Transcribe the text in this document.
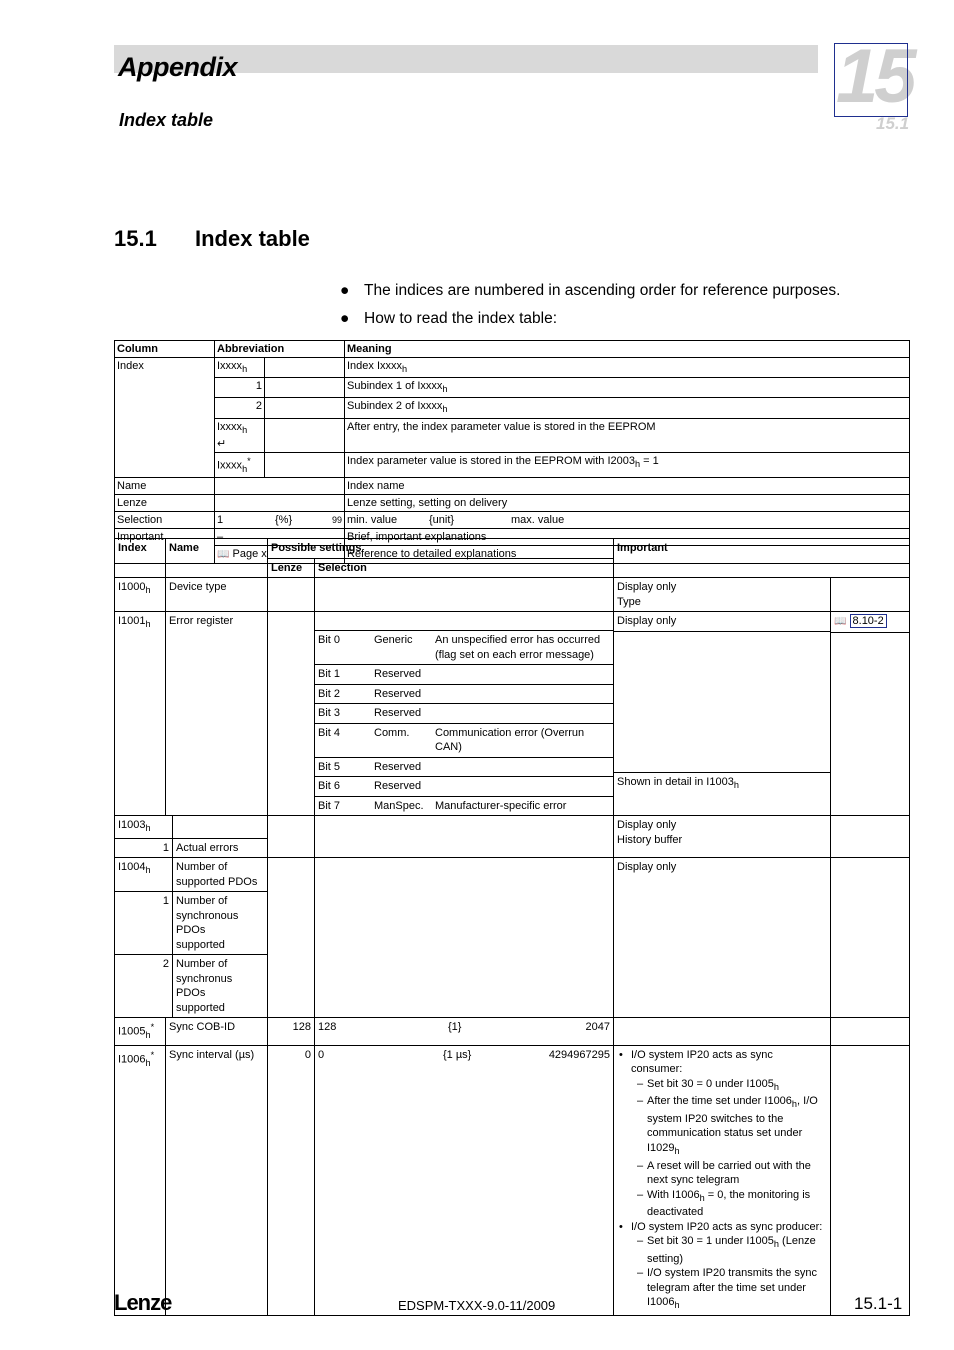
Appendix
Index table
15
15.1
15.1 Index table
● The indices are numbered in ascending order for reference purposes.
● How to read the index table:
Column	Abbreviation	Meaning
Index	Ixxxx$_h$		Index Ixxxx$_h$
1		Subindex 1 of Ixxxx$_h$
2		Subindex 2 of Ixxxx$_h$
Ixxxx$_h$
↵		After entry, the index parameter value is stored in the EEPROM
Ixxxx$_h$*		Index parameter value is stored in the EEPROM with $I2003_h = 1$
Name		Index name
Lenze		Lenze setting, setting on delivery
Selection		1	{%}	99
	min. value	{unit}	max. value

Important	–	Brief, important explanations
📖 Page x	Reference to detailed explanations
Index	Name	Possible settings	Important
Lenze	Selection
$I1000_h$	Device type			Display only
Type	
$I1001_h$	Error register		

Bit 0	Generic	An unspecified error has occurred
(flag set on each error message)
Bit 1	Reserved	
Bit 2	Reserved	
Bit 3	Reserved	
Bit 4	Comm.	Communication error (Overrun CAN)
Bit 5	Reserved	
Bit 6	Reserved	
Bit 7	ManSpec.	Manufacturer-specific error

Display only
Shown in detail in $I1003_h$

📖 8.10-2

$I1003_h$	
1	Actual errors
			Display only
History buffer	

$I1004_h$	Number of
supported PDOs
1	Number of
synchronous PDOs
supported
2	Number of
synchronus PDOs
supported
			Display only	
$I1005_h^*$	Sync COB-ID	128	128	{1}	2047

$I1006_h^*$	Sync interval (µs)	0	0	{1 µs}	4294967295

• I/O system IP20 acts as sync consumer:
– Set bit 30 = 0 under $I1005_h$
– After the time set under $I1006_h$, I/O system IP20 switches to the communication status set under $I1029_h$
– A reset will be carried out with the next sync telegram
– With $I1006_h = 0$, the monitoring is deactivated
• I/O system IP20 acts as sync producer:
– Set bit 30 = 1 under $I1005_h$ (Lenze setting)
– I/O system IP20 transmits the sync telegram after the time set under $I1006_h$

Lenze	EDSPM-TXXX-9.0-11/2009	15.1-1
